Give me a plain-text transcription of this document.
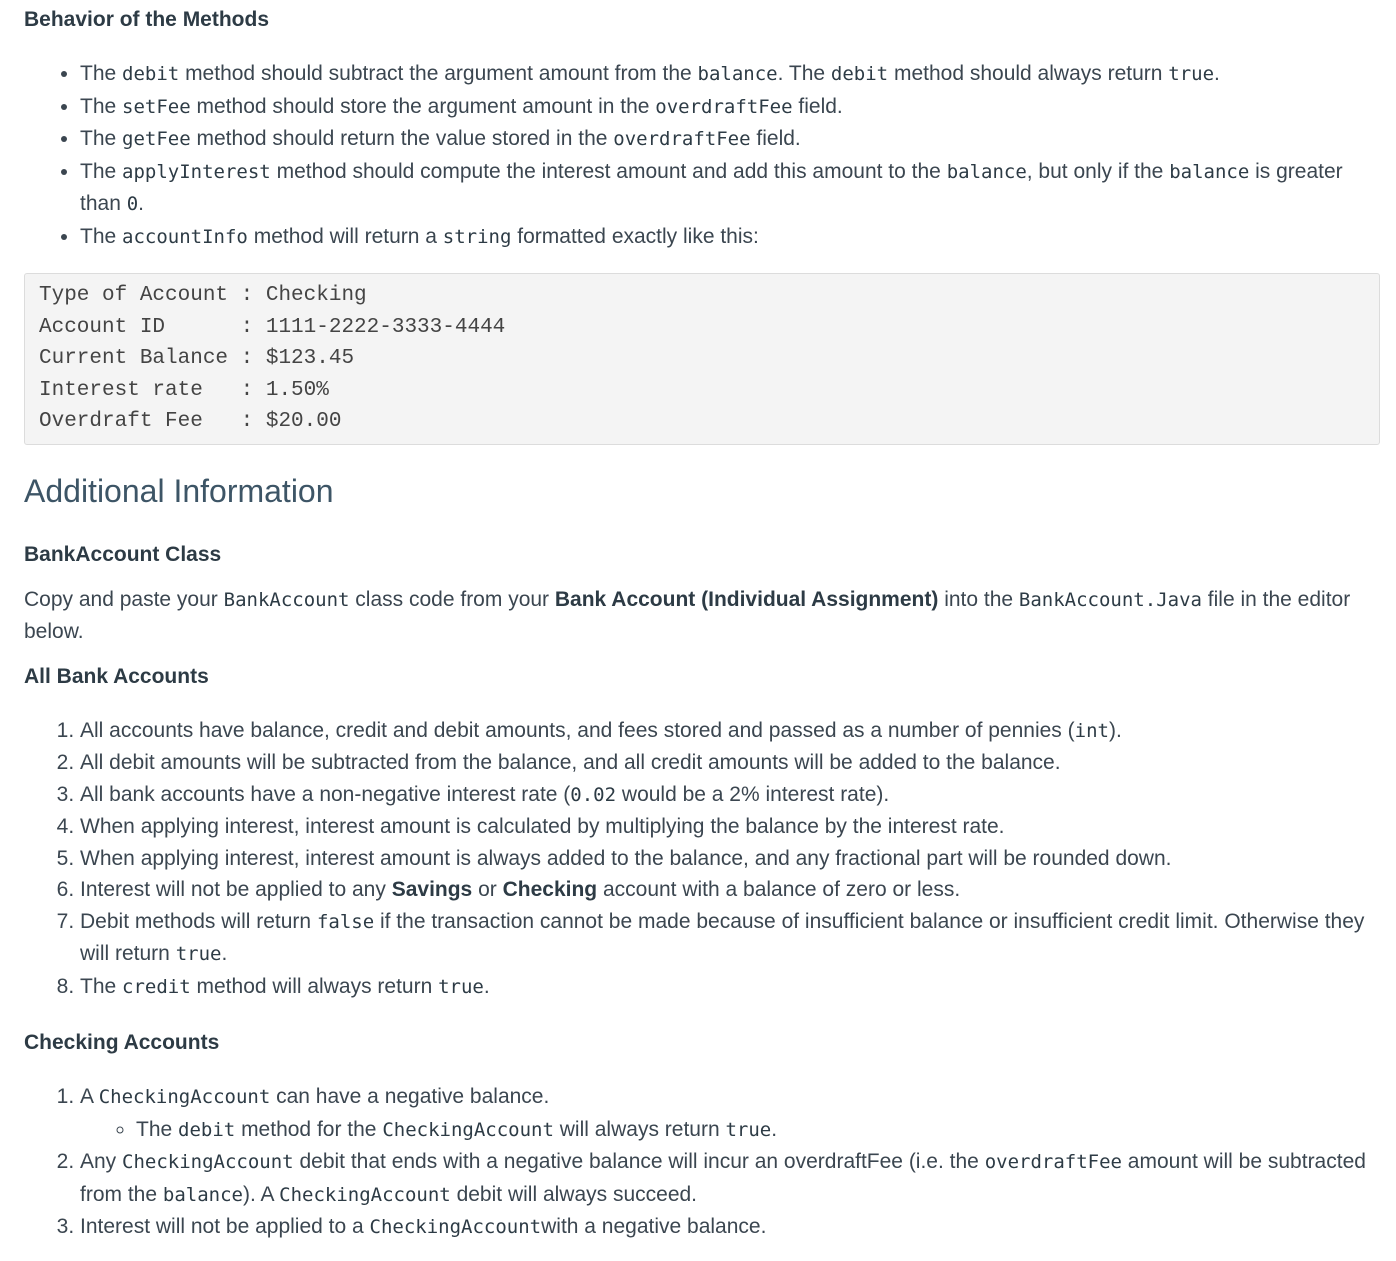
Behavior of the Methods
• The debit method should subtract the argument amount from the balance. The debit method should always return true.
• The setFee method should store the argument amount in the overdraftFee field.
• The getFee method should return the value stored in the overdraftFee field.
• The applyInterest method should compute the interest amount and add this amount to the balance, but only if the balance is greater than 0.
• The accountInfo method will return a string formatted exactly like this:
Type of Account : Checking
Account ID      : 1111-2222-3333-4444
Current Balance : $123.45
Interest rate   : 1.50%
Overdraft Fee   : $20.00
Additional Information
BankAccount Class

Copy and paste your BankAccount class code from your Bank Account (Individual Assignment) into the BankAccount.Java file in the editor below.

All Bank Accounts
1. All accounts have balance, credit and debit amounts, and fees stored and passed as a number of pennies (int).
2. All debit amounts will be subtracted from the balance, and all credit amounts will be added to the balance.
3. All bank accounts have a non-negative interest rate (0.02 would be a 2% interest rate).
4. When applying interest, interest amount is calculated by multiplying the balance by the interest rate.
5. When applying interest, interest amount is always added to the balance, and any fractional part will be rounded down.
6. Interest will not be applied to any Savings or Checking account with a balance of zero or less.
7. Debit methods will return false if the transaction cannot be made because of insufficient balance or insufficient credit limit. Otherwise they will return true.
8. The credit method will always return true.
Checking Accounts
1. A CheckingAccount can have a negative balance.
◦ The debit method for the CheckingAccount will always return true.
2. Any CheckingAccount debit that ends with a negative balance will incur an overdraftFee (i.e. the overdraftFee amount will be subtracted from the balance). A CheckingAccount debit will always succeed.
3. Interest will not be applied to a CheckingAccountwith a negative balance.
